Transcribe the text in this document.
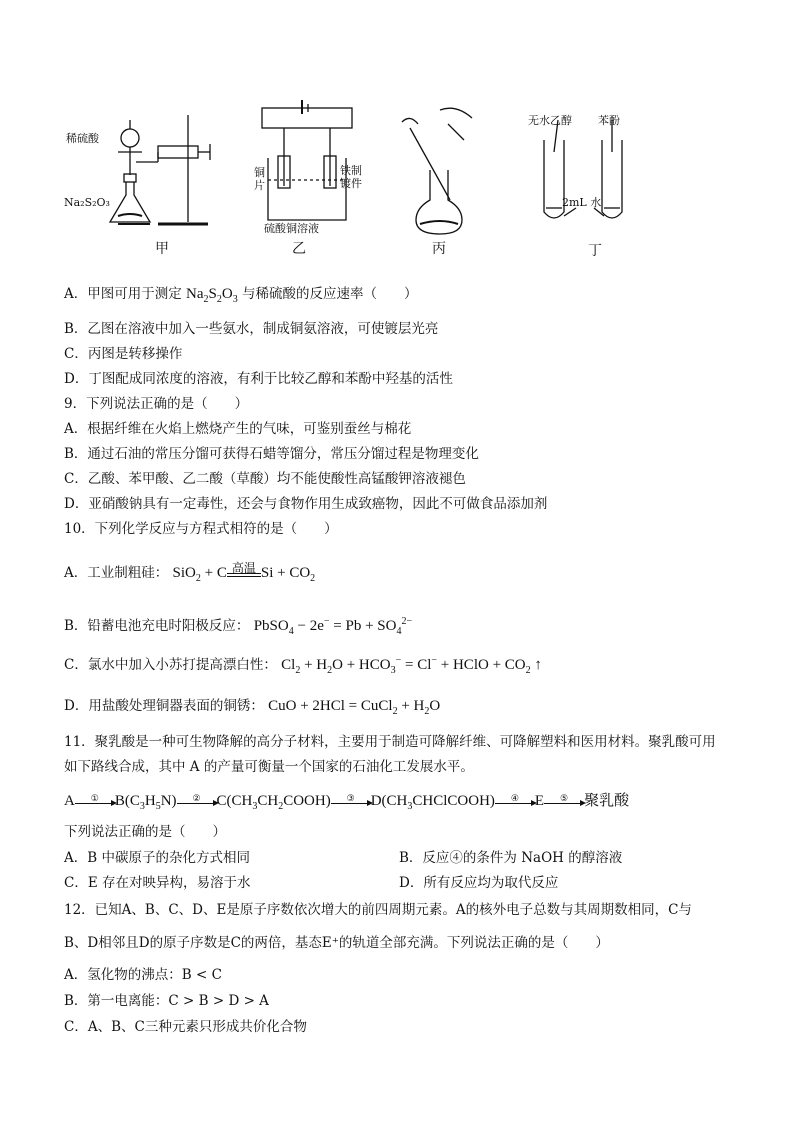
稀硫酸
Na₂S₂O₃
甲
铜片
铁制镀件
硫酸铜溶液
乙	丙
无水乙醇 苯酚
2mL 水
丁
A．甲图可用于测定 $Na_2S_2O_3$ 与稀硫酸的反应速率（　　）
B．乙图在溶液中加入一些氨水，制成铜氨溶液，可使镀层光亮
C．丙图是转移操作
D．丁图配成同浓度的溶液，有利于比较乙醇和苯酚中羟基的活性
9．下列说法正确的是（　　）
A．根据纤维在火焰上燃烧产生的气味，可鉴别蚕丝与棉花
B．通过石油的常压分馏可获得石蜡等馏分，常压分馏过程是物理变化
C．乙酸、苯甲酸、乙二酸（草酸）均不能使酸性高锰酸钾溶液褪色
D．亚硝酸钠具有一定毒性，还会与食物作用生成致癌物，因此不可做食品添加剂
10．下列化学反应与方程式相符的是（　　）
A．工业制粗硅： SiO$_2$ + C 高温 $Si + CO_2$
B．铅蓄电池充电时阳极反应： PbSO$_4$ − $2e^- = Pb + SO_4^{2-}$
C．氯水中加入小苏打提高漂白性： $Cl_2 + H_2O + HCO_3^- = Cl^-$ + HClO + $CO_2$ ↑
D．用盐酸处理铜器表面的铜锈： CuO + 2HCl = CuCl$_2$ + $H_2O$
11．聚乳酸是一种可生物降解的高分子材料，主要用于制造可降解纤维、可降解塑料和医用材料。聚乳酸可用
如下路线合成，其中 A 的产量可衡量一个国家的石油化工发展水平。
A	①	$B(C_3H_5N)$	②	$C(CH_3CH_2COOH)$	③	$D(CH_3CHClCOOH)$	④	E	⑤	聚乳酸
下列说法正确的是（　　）
A．B 中碳原子的杂化方式相同	B．反应④的条件为 NaOH 的醇溶液
C．E 存在对映异构，易溶于水	D．所有反应均为取代反应
12．已知A、B、C、D、E是原子序数依次增大的前四周期元素。A的核外电子总数与其周期数相同，C与
B、D相邻且D的原子序数是C的两倍，基态E⁺的轨道全部充满。下列说法正确的是（　　）
A．氢化物的沸点：B < C
B．第一电离能：C > B > D > A
C．A、B、C三种元素只形成共价化合物
